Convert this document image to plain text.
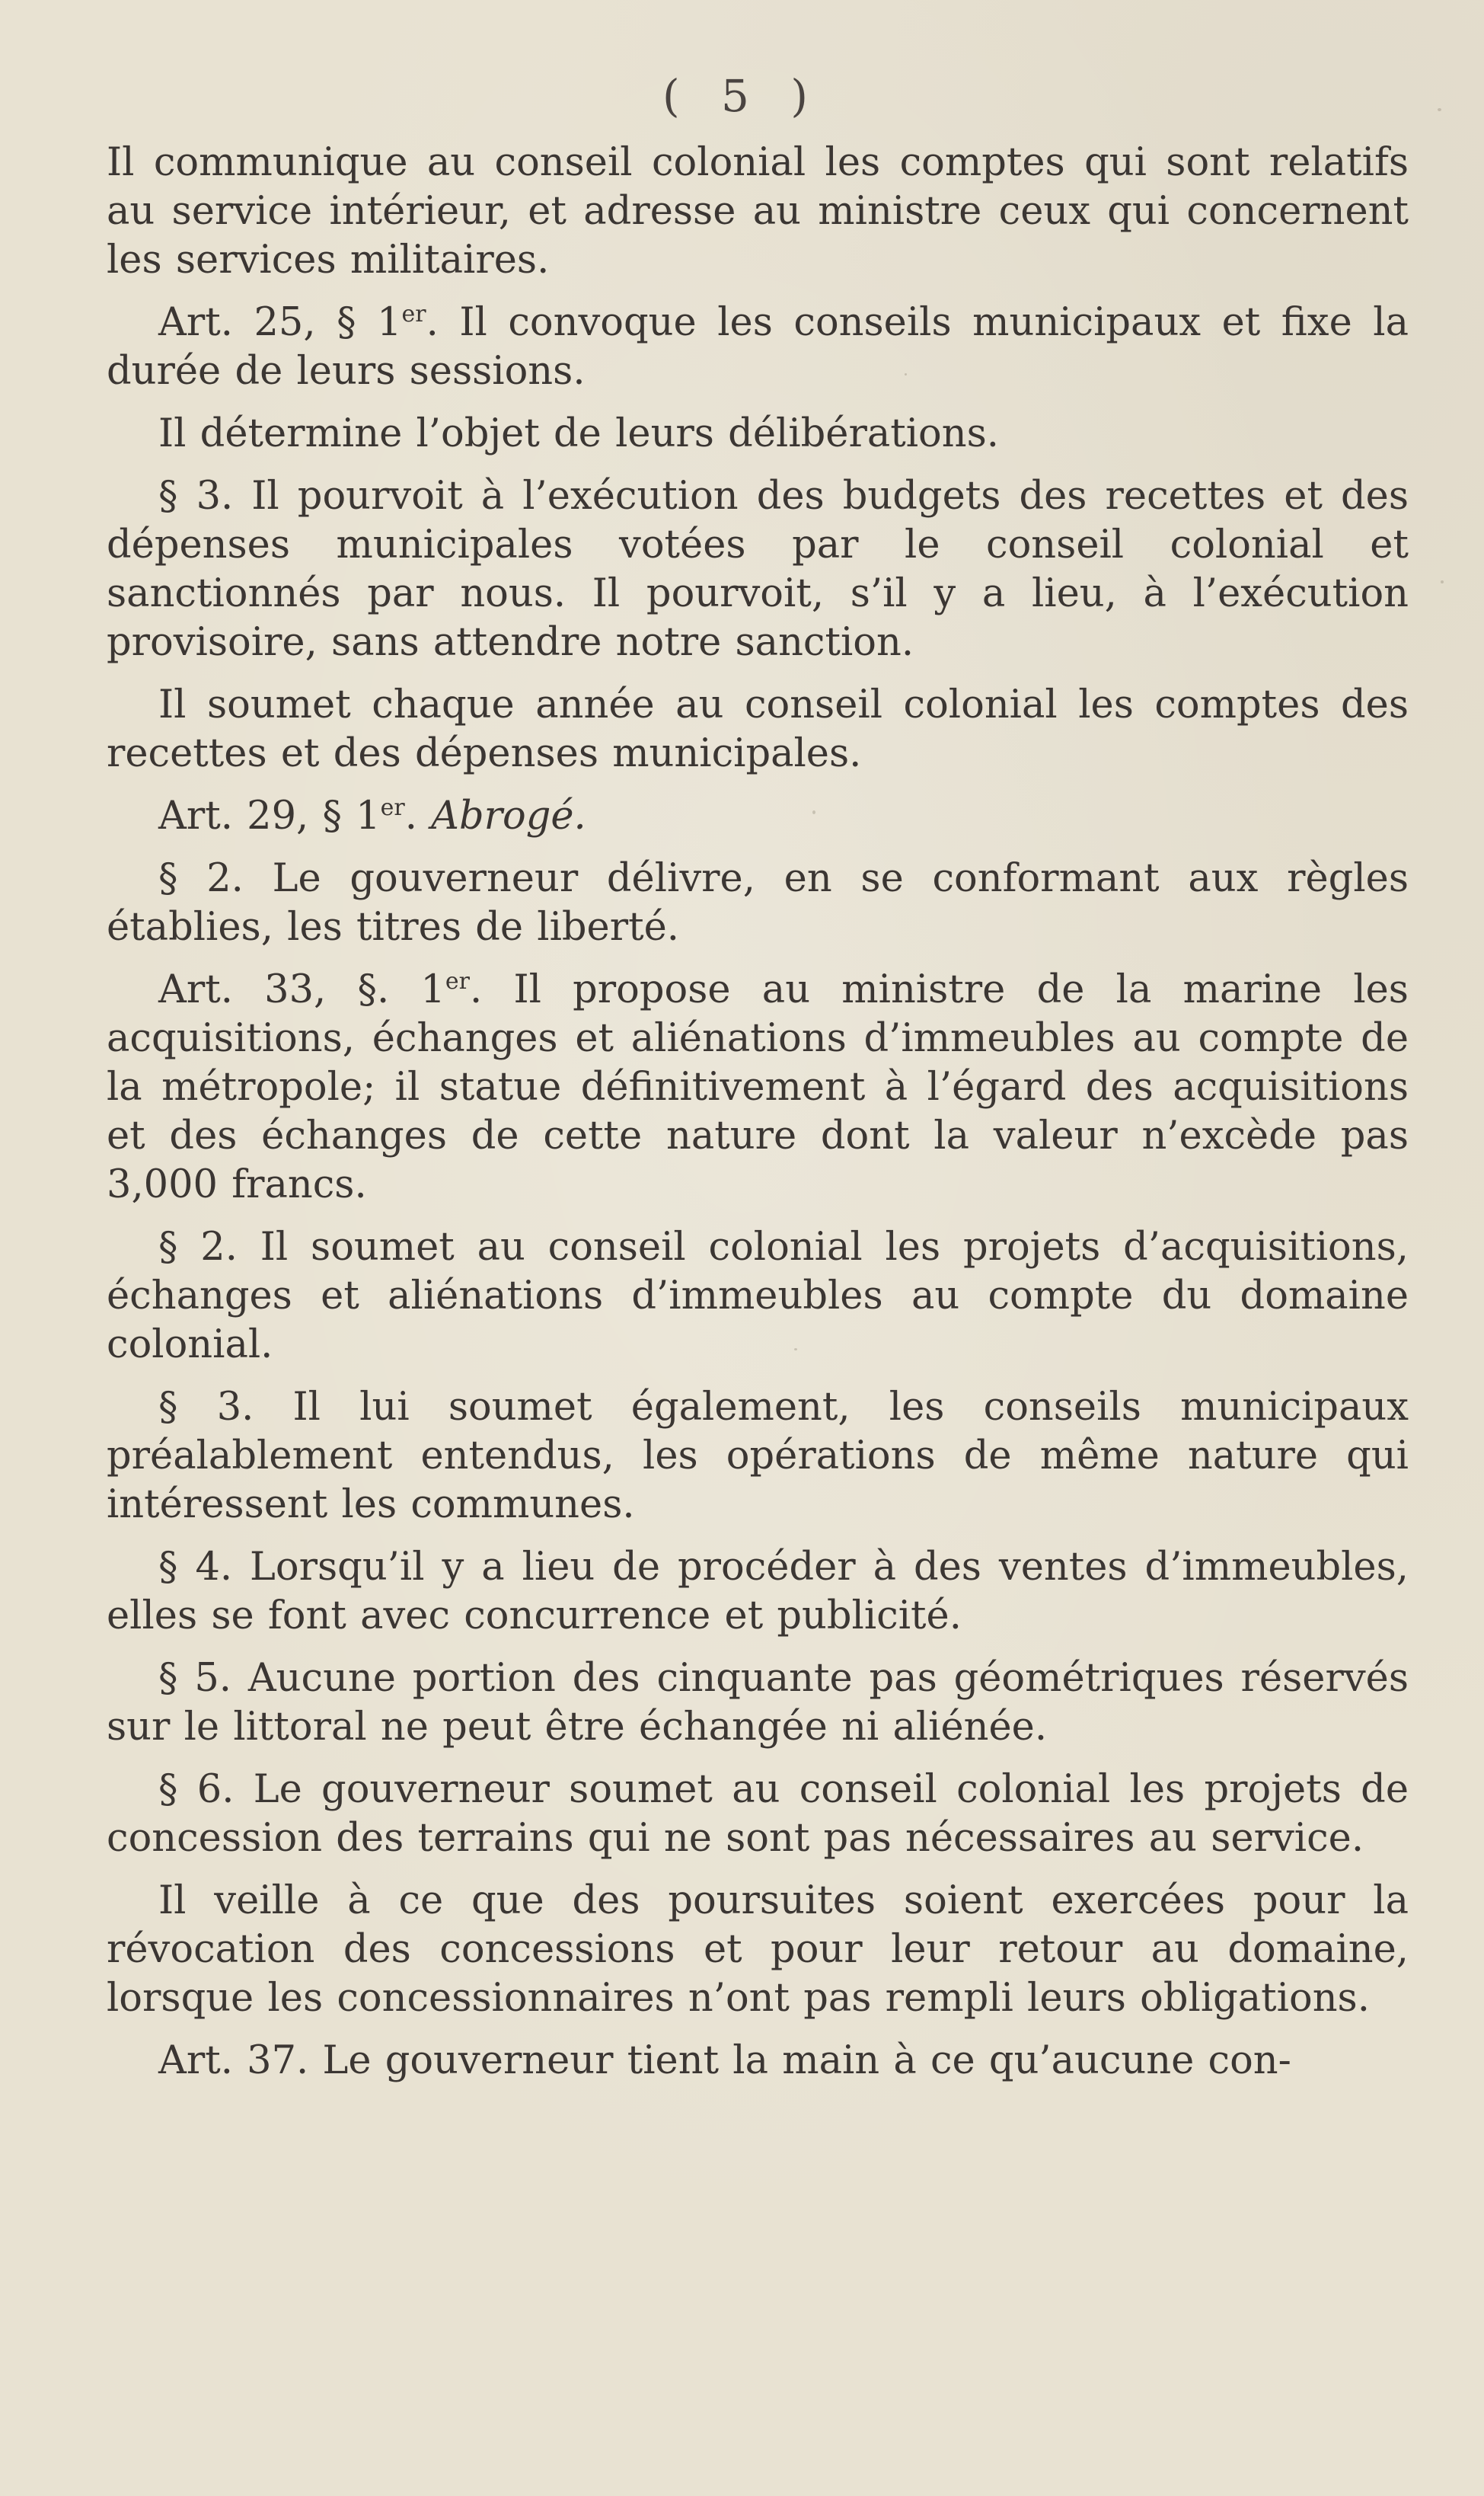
( 5 )

Il communique au conseil colonial les comptes qui sont relatifs au service intérieur, et adresse au ministre ceux qui concernent les services militaires.

Art. 25, § 1er. Il convoque les conseils municipaux et fixe la durée de leurs sessions.

Il détermine l’objet de leurs délibérations.

§ 3. Il pourvoit à l’exécution des budgets des recettes et des dépenses municipales votées par le conseil colonial et sanctionnés par nous. Il pourvoit, s’il y a lieu, à l’exécution provisoire, sans attendre notre sanction.

Il soumet chaque année au conseil colonial les comptes des recettes et des dépenses municipales.

Art. 29, § 1er. Abrogé.

§ 2. Le gouverneur délivre, en se conformant aux règles établies, les titres de liberté.

Art. 33, §. 1er. Il propose au ministre de la marine les acquisitions, échanges et aliénations d’immeubles au compte de la métropole; il statue définitivement à l’égard des acquisitions et des échanges de cette nature dont la valeur n’excède pas 3,000 francs.

§ 2. Il soumet au conseil colonial les projets d’acquisitions, échanges et aliénations d’immeubles au compte du domaine colonial.

§ 3. Il lui soumet également, les conseils municipaux préalablement entendus, les opérations de même nature qui intéressent les communes.

§ 4. Lorsqu’il y a lieu de procéder à des ventes d’immeubles, elles se font avec concurrence et publicité.

§ 5. Aucune portion des cinquante pas géométriques réservés sur le littoral ne peut être échangée ni aliénée.

§ 6. Le gouverneur soumet au conseil colonial les projets de concession des terrains qui ne sont pas nécessaires au service.

Il veille à ce que des poursuites soient exercées pour la révocation des concessions et pour leur retour au domaine, lorsque les concessionnaires n’ont pas rempli leurs obligations.

Art. 37. Le gouverneur tient la main à ce qu’aucune con-
